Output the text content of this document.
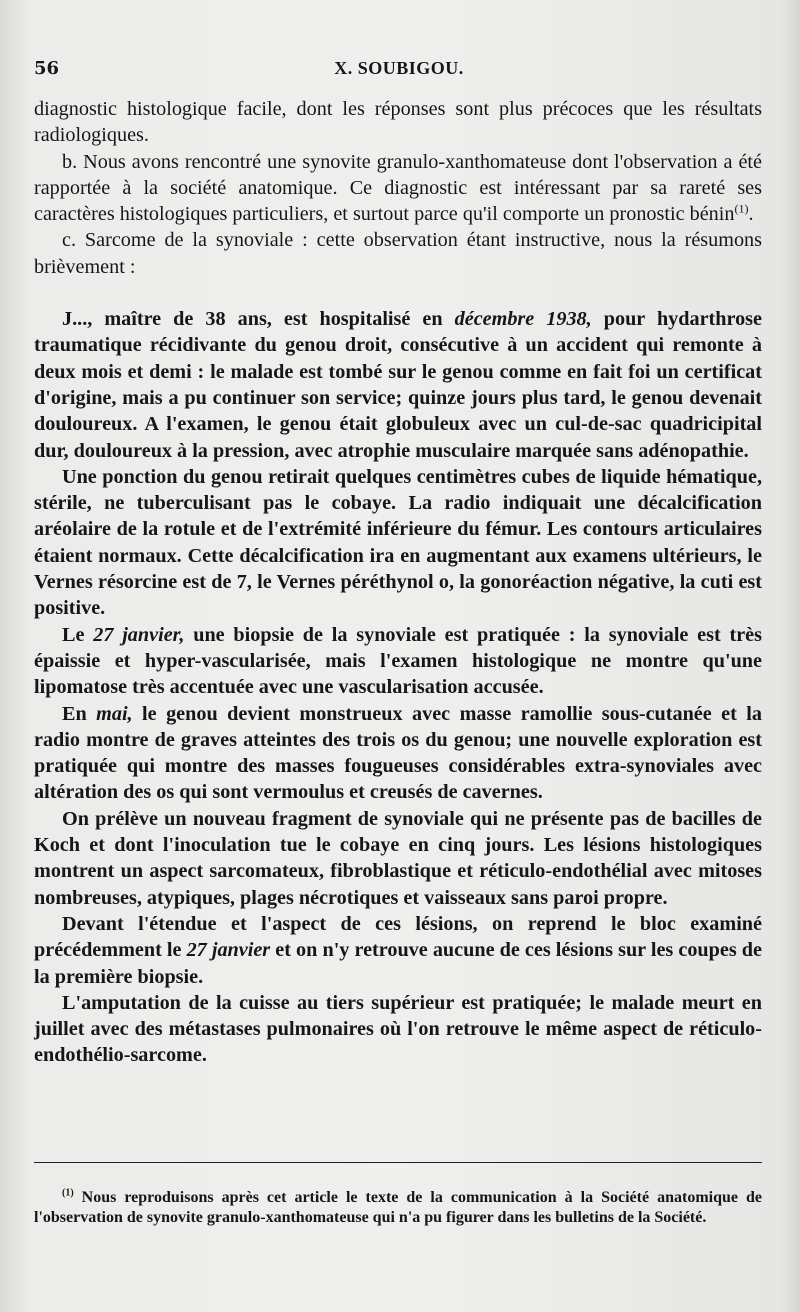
56	X. SOUBIGOU.

diagnostic histologique facile, dont les réponses sont plus précoces que les résultats radiologiques.

b. Nous avons rencontré une synovite granulo-xanthomateuse dont l'observation a été rapportée à la société anatomique. Ce diagnostic est intéressant par sa rareté ses caractères histologiques particuliers, et surtout parce qu'il comporte un pronostic bénin$^{(1)}$.

c. Sarcome de la synoviale : cette observation étant instructive, nous la résumons brièvement :

J..., maître de 38 ans, est hospitalisé en décembre 1938, pour hydarthrose traumatique récidivante du genou droit, consécutive à un accident qui remonte à deux mois et demi : le malade est tombé sur le genou comme en fait foi un certificat d'origine, mais a pu continuer son service; quinze jours plus tard, le genou devenait douloureux. A l'examen, le genou était globuleux avec un cul-de-sac quadricipital dur, douloureux à la pression, avec atrophie musculaire marquée sans adénopathie.

Une ponction du genou retirait quelques centimètres cubes de liquide hématique, stérile, ne tuberculisant pas le cobaye. La radio indiquait une décalcification aréolaire de la rotule et de l'extrémité inférieure du fémur. Les contours articulaires étaient normaux. Cette décalcification ira en augmentant aux examens ultérieurs, le Vernes résorcine est de 7, le Vernes péréthynol o, la gonoréaction négative, la cuti est positive.

Le 27 janvier, une biopsie de la synoviale est pratiquée : la synoviale est très épaissie et hyper-vascularisée, mais l'examen histologique ne montre qu'une lipomatose très accentuée avec une vascularisation accusée.

En mai, le genou devient monstrueux avec masse ramollie sous-cutanée et la radio montre de graves atteintes des trois os du genou; une nouvelle exploration est pratiquée qui montre des masses fougueuses considérables extra-synoviales avec altération des os qui sont vermoulus et creusés de cavernes.

On prélève un nouveau fragment de synoviale qui ne présente pas de bacilles de Koch et dont l'inoculation tue le cobaye en cinq jours. Les lésions histologiques montrent un aspect sarcomateux, fibroblastique et réticulo-endothélial avec mitoses nombreuses, atypiques, plages nécrotiques et vaisseaux sans paroi propre.

Devant l'étendue et l'aspect de ces lésions, on reprend le bloc examiné précédemment le 27 janvier et on n'y retrouve aucune de ces lésions sur les coupes de la première biopsie.

L'amputation de la cuisse au tiers supérieur est pratiquée; le malade meurt en juillet avec des métastases pulmonaires où l'on retrouve le même aspect de réticulo-endothélio-sarcome.

$^{(1)}$ Nous reproduisons après cet article le texte de la communication à la Société anatomique de l'observation de synovite granulo-xanthomateuse qui n'a pu figurer dans les bulletins de la Société.
